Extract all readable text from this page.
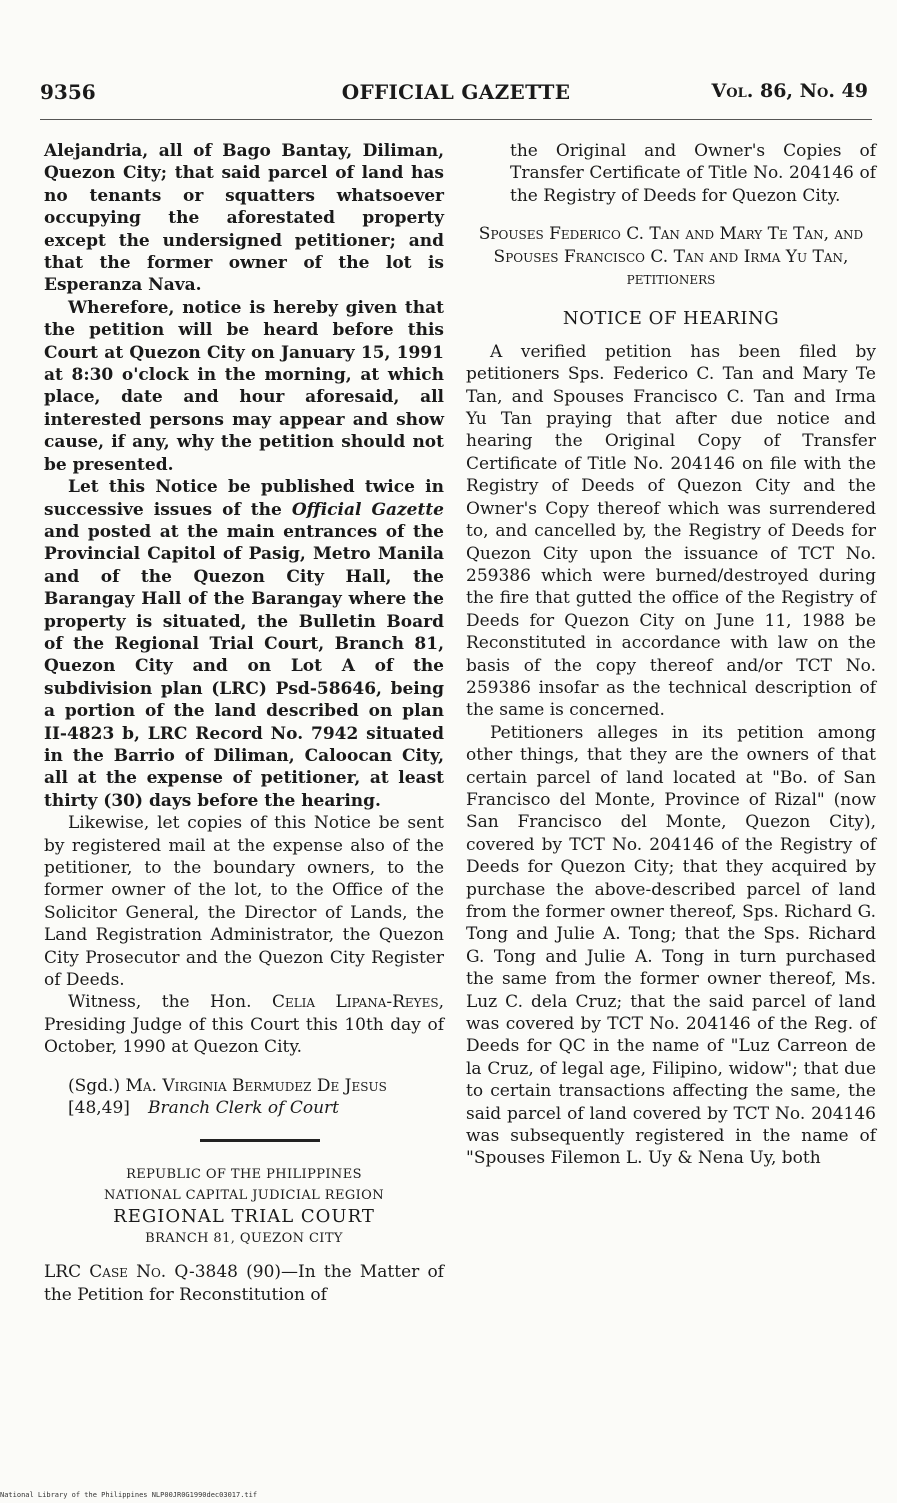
9356	OFFICIAL GAZETTE	Vol. 86, No. 49

Alejandria, all of Bago Bantay, Diliman, Quezon City; that said parcel of land has no tenants or squatters whatsoever occupying the aforestated property except the undersigned petitioner; and that the former owner of the lot is Esperanza Nava.

Wherefore, notice is hereby given that the petition will be heard before this Court at Quezon City on January 15, 1991 at 8:30 o'clock in the morning, at which place, date and hour aforesaid, all interested persons may appear and show cause, if any, why the petition should not be presented.

Let this Notice be published twice in successive issues of the Official Gazette and posted at the main entrances of the Provincial Capitol of Pasig, Metro Manila and of the Quezon City Hall, the Barangay Hall of the Barangay where the property is situated, the Bulletin Board of the Regional Trial Court, Branch 81, Quezon City and on Lot A of the subdivision plan (LRC) Psd-58646, being a portion of the land described on plan II-4823 b, LRC Record No. 7942 situated in the Barrio of Diliman, Caloocan City, all at the expense of petitioner, at least thirty (30) days before the hearing.

Likewise, let copies of this Notice be sent by registered mail at the expense also of the petitioner, to the boundary owners, to the former owner of the lot, to the Office of the Solicitor General, the Director of Lands, the Land Registration Administrator, the Quezon City Prosecutor and the Quezon City Register of Deeds.

Witness, the Hon. Celia Lipana-Reyes, Presiding Judge of this Court this 10th day of October, 1990 at Quezon City.

(Sgd.) Ma. Virginia Bermudez De Jesus
[48,49]	Branch Clerk of Court
REPUBLIC OF THE PHILIPPINES
NATIONAL CAPITAL JUDICIAL REGION
REGIONAL TRIAL COURT
BRANCH 81, QUEZON CITY

LRC Case No. Q-3848 (90)—In the Matter of the Petition for Reconstitution of

the Original and Owner's Copies of Transfer Certificate of Title No. 204146 of the Registry of Deeds for Quezon City.

Spouses Federico C. Tan and Mary Te Tan, and Spouses Francisco C. Tan and Irma Yu Tan, petitioners

NOTICE OF HEARING

A verified petition has been filed by petitioners Sps. Federico C. Tan and Mary Te Tan, and Spouses Francisco C. Tan and Irma Yu Tan praying that after due notice and hearing the Original Copy of Transfer Certificate of Title No. 204146 on file with the Registry of Deeds of Quezon City and the Owner's Copy thereof which was surrendered to, and cancelled by, the Registry of Deeds for Quezon City upon the issuance of TCT No. 259386 which were burned/destroyed during the fire that gutted the office of the Registry of Deeds for Quezon City on June 11, 1988 be Reconstituted in accordance with law on the basis of the copy thereof and/or TCT No. 259386 insofar as the technical description of the same is concerned.

Petitioners alleges in its petition among other things, that they are the owners of that certain parcel of land located at "Bo. of San Francisco del Monte, Province of Rizal" (now San Francisco del Monte, Quezon City), covered by TCT No. 204146 of the Registry of Deeds for Quezon City; that they acquired by purchase the above-described parcel of land from the former owner thereof, Sps. Richard G. Tong and Julie A. Tong; that the Sps. Richard G. Tong and Julie A. Tong in turn purchased the same from the former owner thereof, Ms. Luz C. dela Cruz; that the said parcel of land was covered by TCT No. 204146 of the Reg. of Deeds for QC in the name of "Luz Carreon de la Cruz, of legal age, Filipino, widow"; that due to certain transactions affecting the same, the said parcel of land covered by TCT No. 204146 was subsequently registered in the name of "Spouses Filemon L. Uy & Nena Uy, both

National Library of the Philippines NLP00JR0G1990dec03017.tif
